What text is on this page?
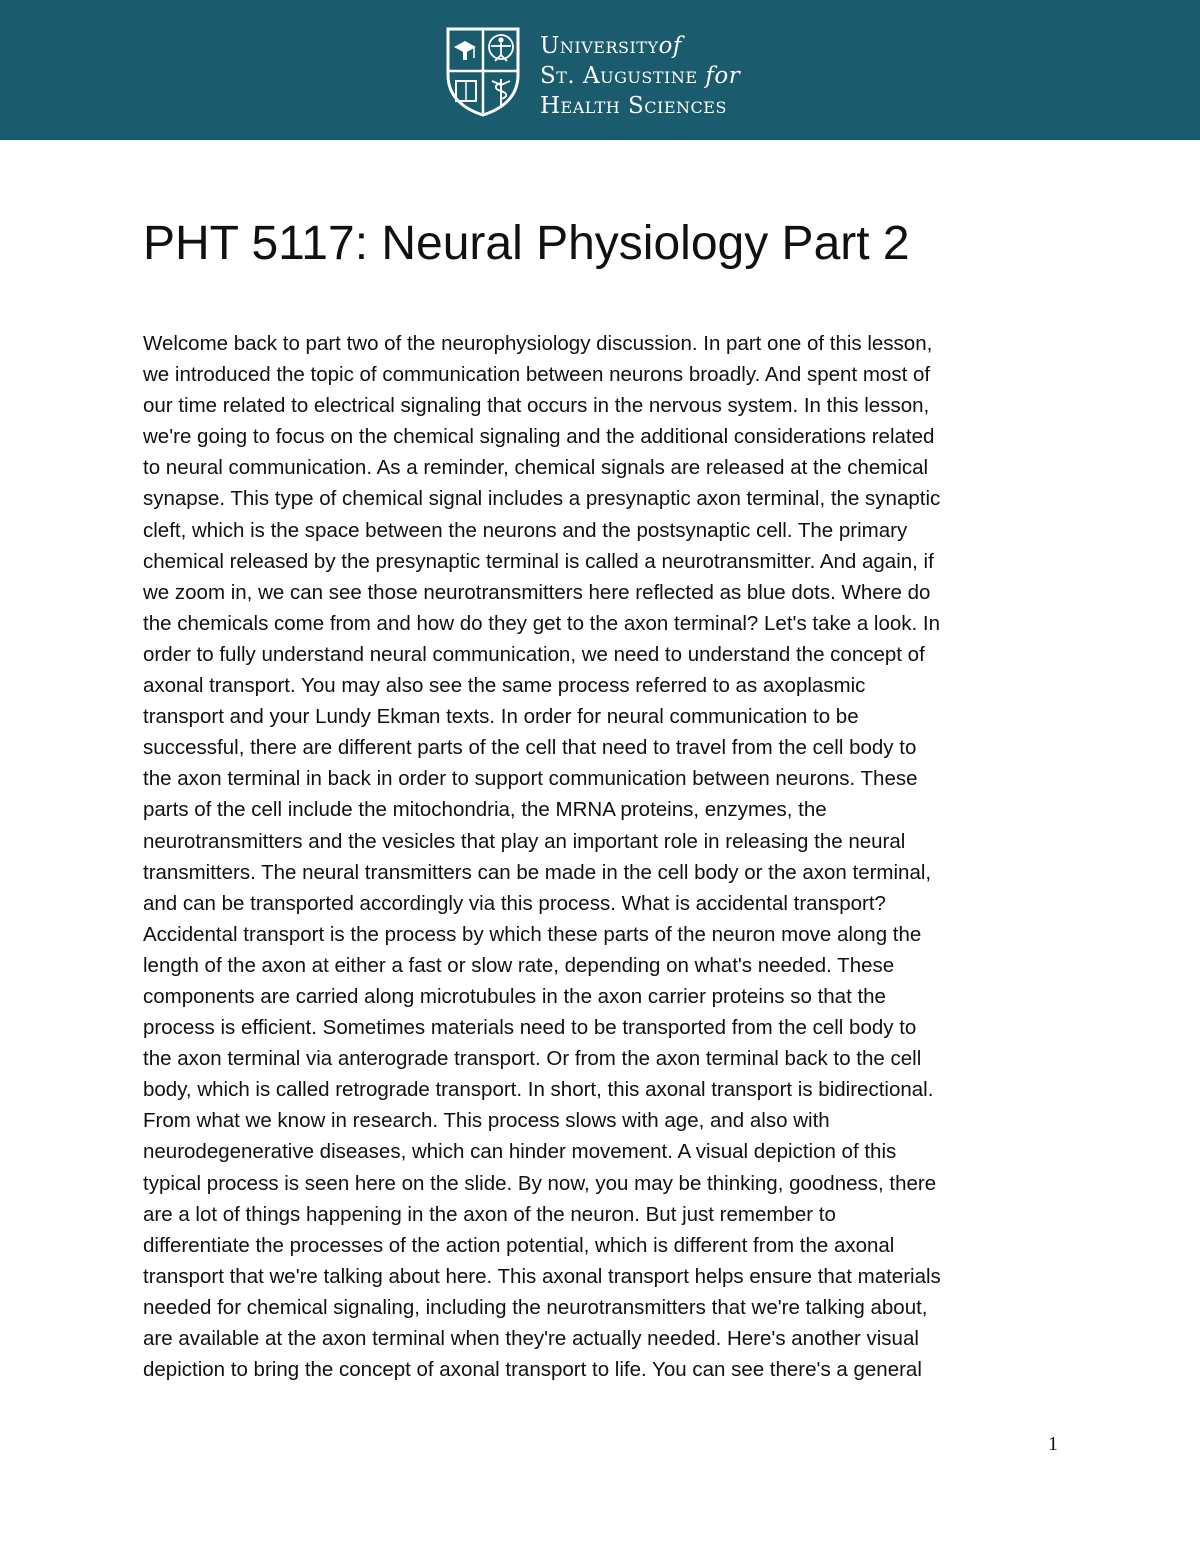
Universityof
St. Augustine for
Health Sciences
PHT 5117: Neural Physiology Part 2
Welcome back to part two of the neurophysiology discussion. In part one of this lesson,
we introduced the topic of communication between neurons broadly. And spent most of
our time related to electrical signaling that occurs in the nervous system. In this lesson,
we're going to focus on the chemical signaling and the additional considerations related
to neural communication. As a reminder, chemical signals are released at the chemical
synapse. This type of chemical signal includes a presynaptic axon terminal, the synaptic
cleft, which is the space between the neurons and the postsynaptic cell. The primary
chemical released by the presynaptic terminal is called a neurotransmitter. And again, if
we zoom in, we can see those neurotransmitters here reflected as blue dots. Where do
the chemicals come from and how do they get to the axon terminal? Let's take a look. In
order to fully understand neural communication, we need to understand the concept of
axonal transport. You may also see the same process referred to as axoplasmic
transport and your Lundy Ekman texts. In order for neural communication to be
successful, there are different parts of the cell that need to travel from the cell body to
the axon terminal in back in order to support communication between neurons. These
parts of the cell include the mitochondria, the MRNA proteins, enzymes, the
neurotransmitters and the vesicles that play an important role in releasing the neural
transmitters. The neural transmitters can be made in the cell body or the axon terminal,
and can be transported accordingly via this process. What is accidental transport?
Accidental transport is the process by which these parts of the neuron move along the
length of the axon at either a fast or slow rate, depending on what's needed. These
components are carried along microtubules in the axon carrier proteins so that the
process is efficient. Sometimes materials need to be transported from the cell body to
the axon terminal via anterograde transport. Or from the axon terminal back to the cell
body, which is called retrograde transport. In short, this axonal transport is bidirectional.
From what we know in research. This process slows with age, and also with
neurodegenerative diseases, which can hinder movement. A visual depiction of this
typical process is seen here on the slide. By now, you may be thinking, goodness, there
are a lot of things happening in the axon of the neuron. But just remember to
differentiate the processes of the action potential, which is different from the axonal
transport that we're talking about here. This axonal transport helps ensure that materials
needed for chemical signaling, including the neurotransmitters that we're talking about,
are available at the axon terminal when they're actually needed. Here's another visual
depiction to bring the concept of axonal transport to life. You can see there's a general
1
